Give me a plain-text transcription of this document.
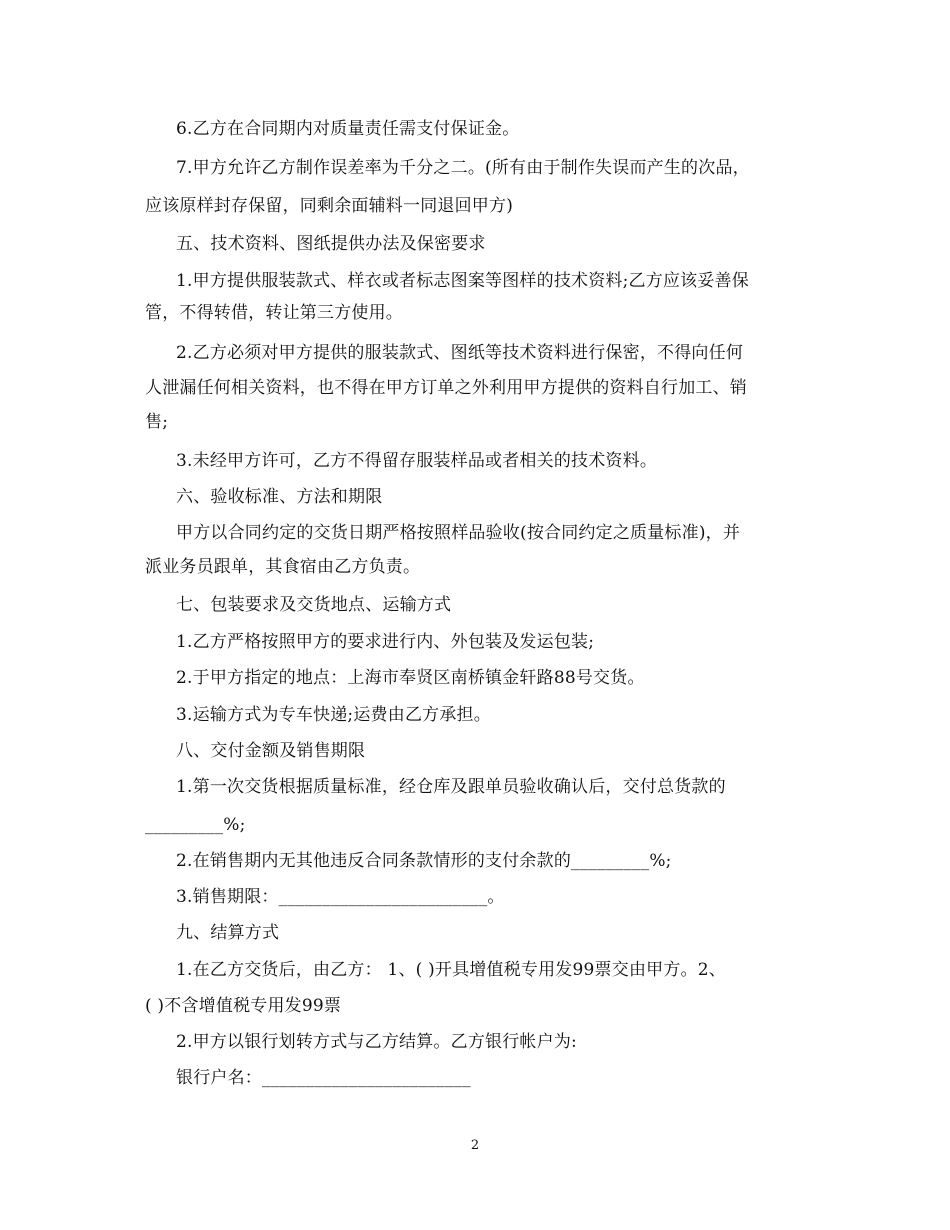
6.乙方在合同期内对质量责任需支付保证金。
7.甲方允许乙方制作误差率为千分之二。(所有由于制作失误而产生的次品，
应该原样封存保留，同剩余面辅料一同退回甲方)
五、技术资料、图纸提供办法及保密要求
1.甲方提供服装款式、样衣或者标志图案等图样的技术资料;乙方应该妥善保
管，不得转借，转让第三方使用。
2.乙方必须对甲方提供的服装款式、图纸等技术资料进行保密，不得向任何
人泄漏任何相关资料，也不得在甲方订单之外利用甲方提供的资料自行加工、销
售;
3.未经甲方许可，乙方不得留存服装样品或者相关的技术资料。
六、验收标准、方法和期限
甲方以合同约定的交货日期严格按照样品验收(按合同约定之质量标准)，并
派业务员跟单，其食宿由乙方负责。
七、包装要求及交货地点、运输方式
1.乙方严格按照甲方的要求进行内、外包装及发运包装;
2.于甲方指定的地点：上海市奉贤区南桥镇金轩路88号交货。
3.运输方式为专车快递;运费由乙方承担。
八、交付金额及销售期限
1.第一次交货根据质量标准，经仓库及跟单员验收确认后，交付总货款的
_________%;
2.在销售期内无其他违反合同条款情形的支付余款的_________%;
3.销售期限：________________________。
九、结算方式
1.在乙方交货后，由乙方： 1、( )开具增值税专用发99票交由甲方。2、
( )不含增值税专用发99票
2.甲方以银行划转方式与乙方结算。乙方银行帐户为:
银行户名：________________________
2
